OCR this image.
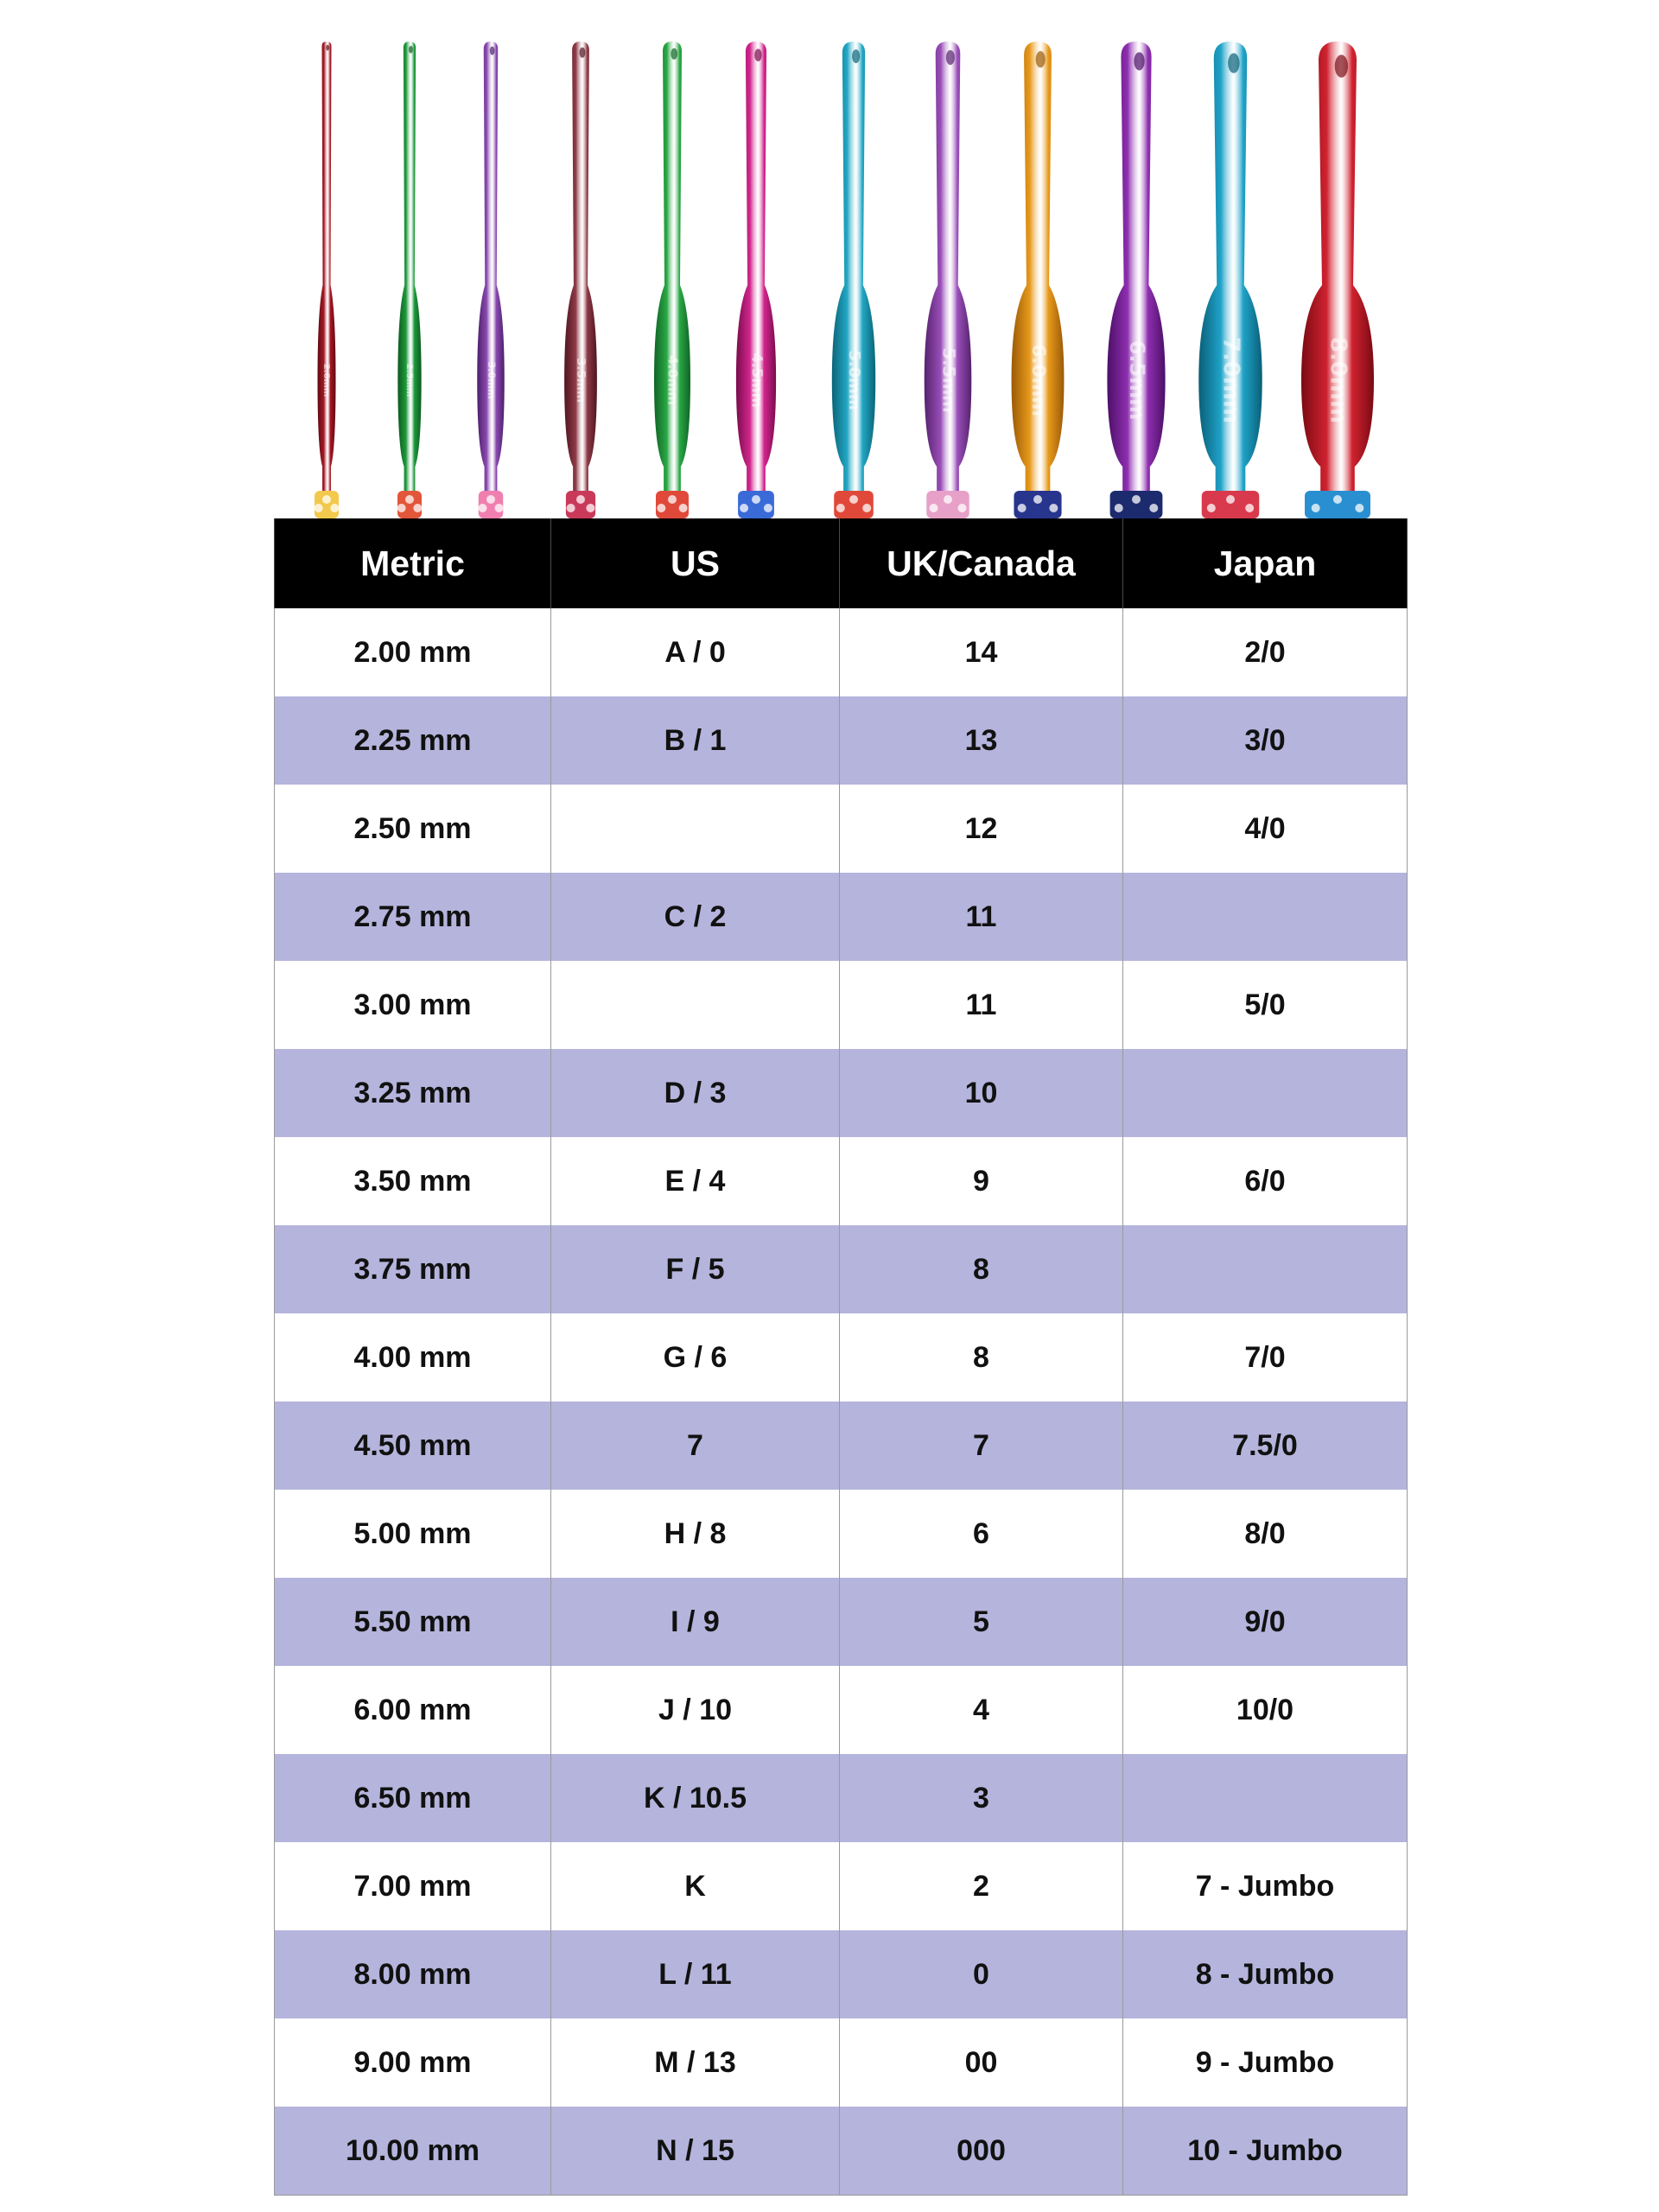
2.0mm	2.5mm	3.0mm	3.5mm	4.0mm	4.5mm	5.0mm	5.5mm	6.0mm	6.5mm	7.0mm	8.0mm
Metric	US	UK/Canada	Japan
2.00 mm	A / 0	14	2/0
2.25 mm	B / 1	13	3/0
2.50 mm		12	4/0
2.75 mm	C / 2	11	
3.00 mm		11	5/0
3.25 mm	D / 3	10	
3.50 mm	E / 4	9	6/0
3.75 mm	F / 5	8	
4.00 mm	G / 6	8	7/0
4.50 mm	7	7	7.5/0
5.00 mm	H / 8	6	8/0
5.50 mm	I / 9	5	9/0
6.00 mm	J / 10	4	10/0
6.50 mm	K / 10.5	3	
7.00 mm	K	2	7 - Jumbo
8.00 mm	L / 11	0	8 - Jumbo
9.00 mm	M / 13	00	9 - Jumbo
10.00 mm	N / 15	000	10 - Jumbo
